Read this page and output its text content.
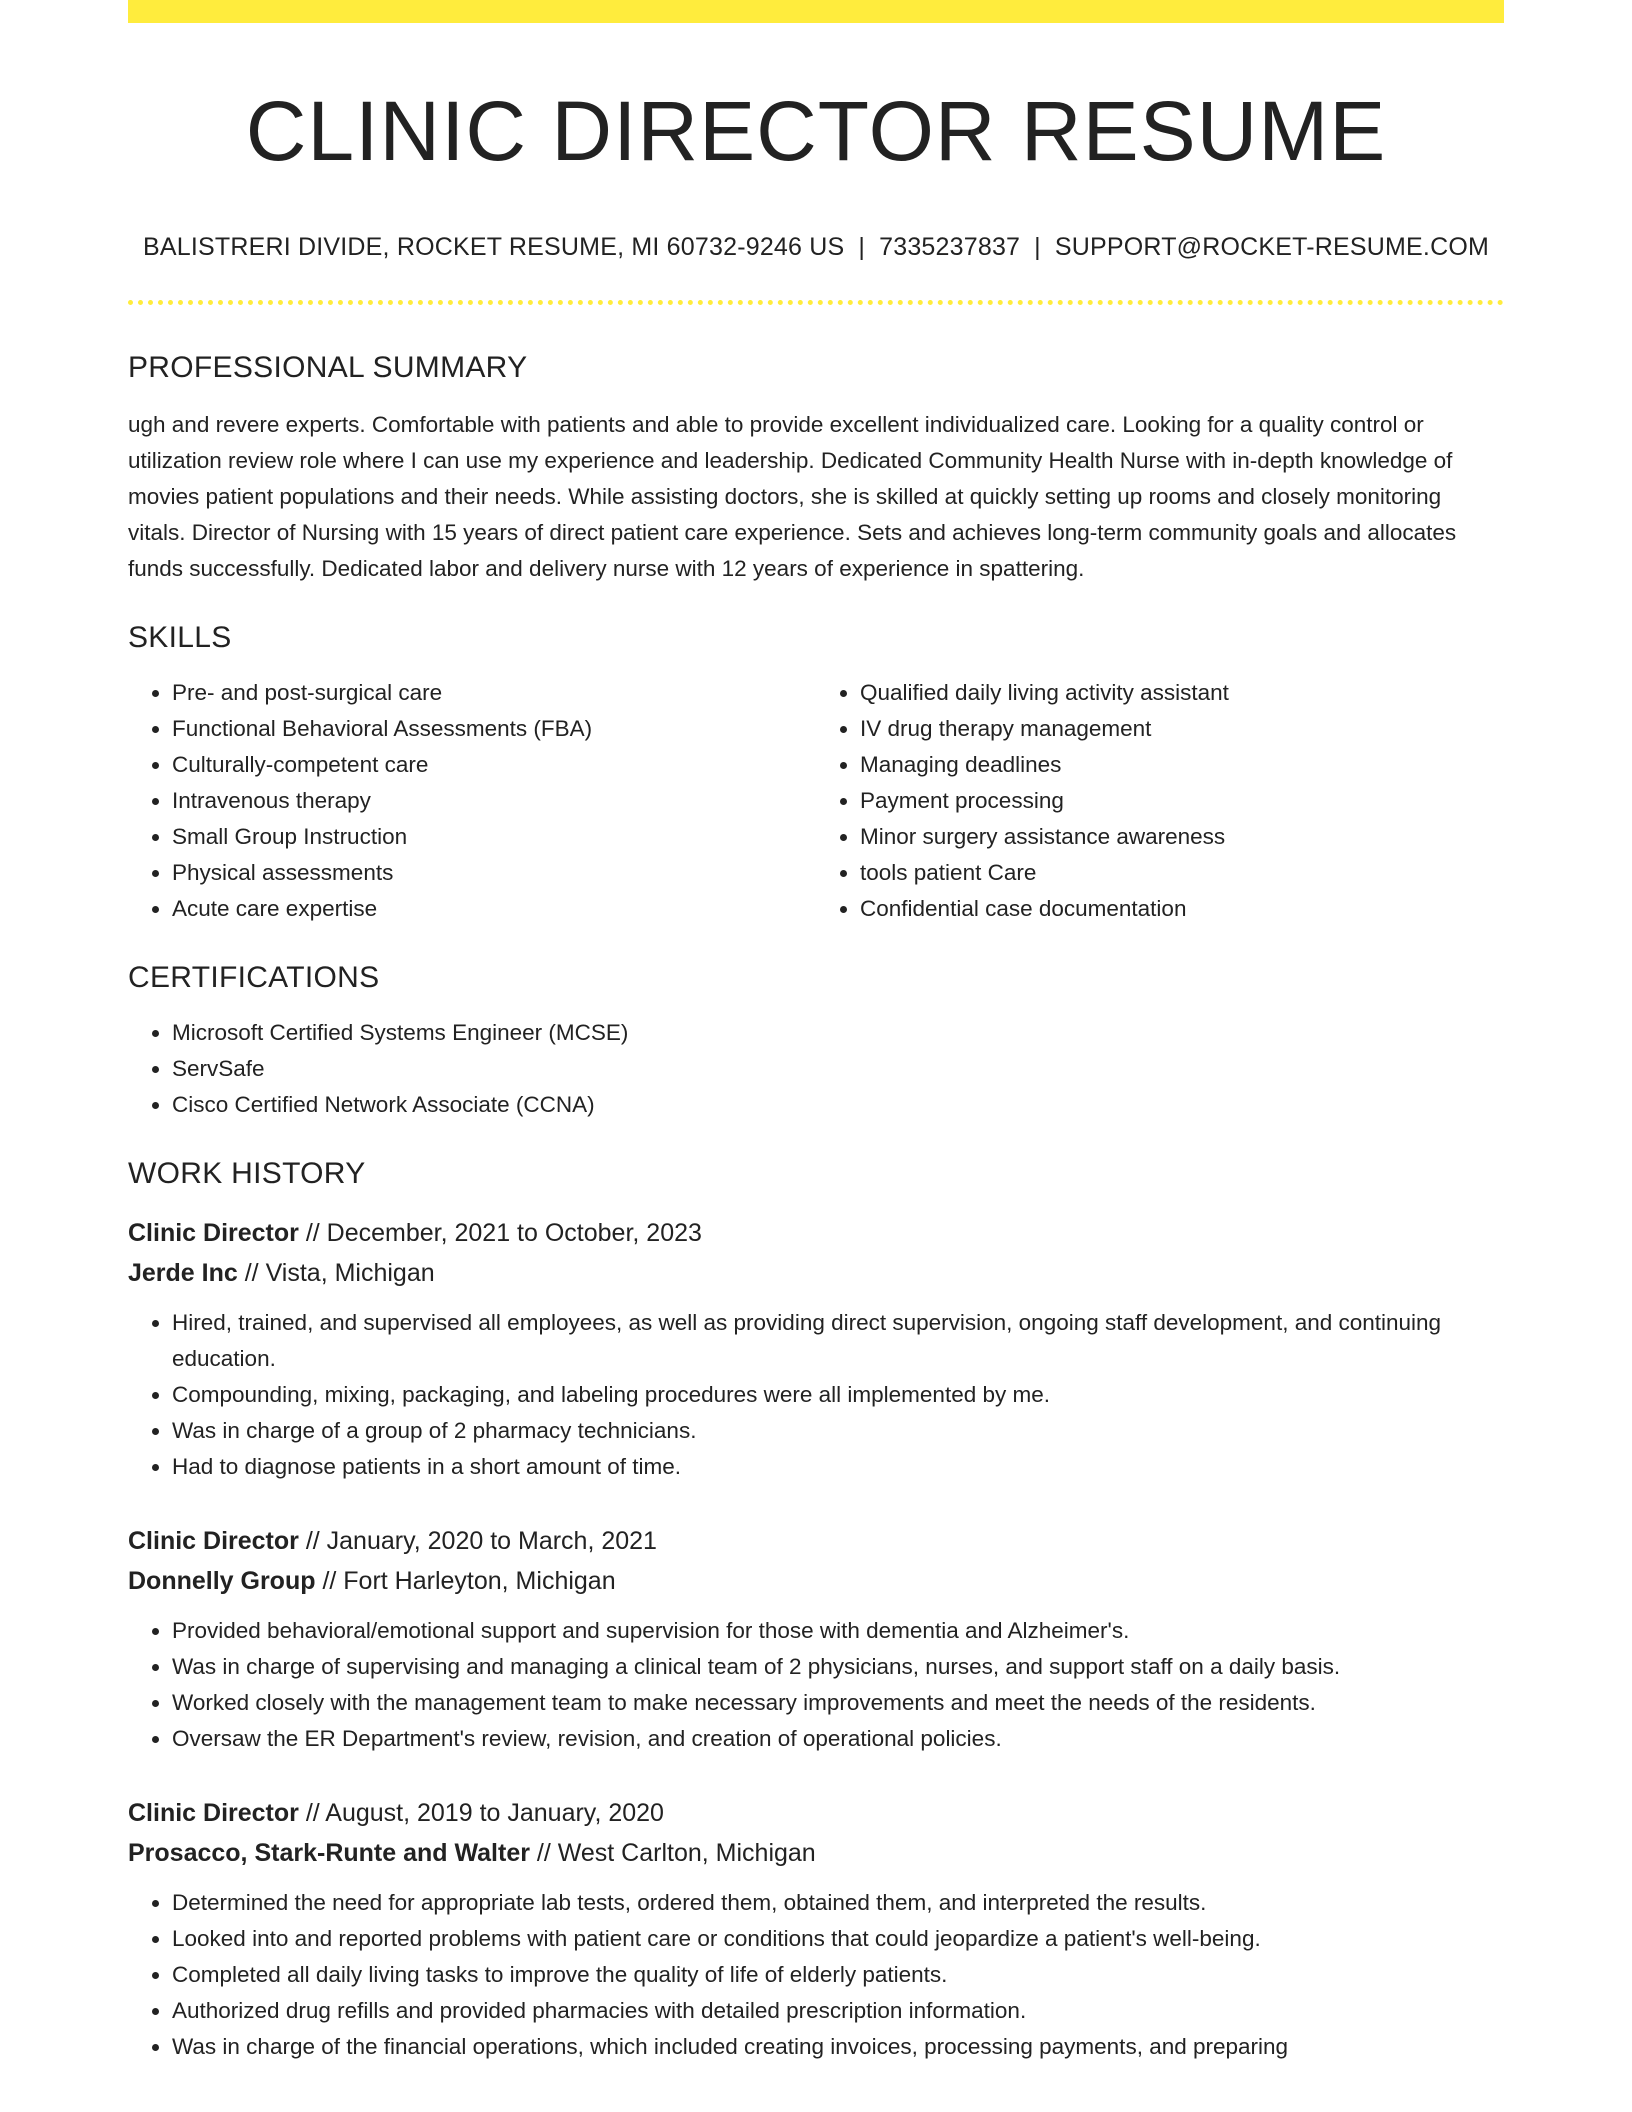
CLINIC DIRECTOR RESUME
BALISTRERI DIVIDE, ROCKET RESUME, MI 60732-9246 US | 7335237837 | SUPPORT@ROCKET-RESUME.COM
PROFESSIONAL SUMMARY

ugh and revere experts. Comfortable with patients and able to provide excellent individualized care. Looking for a quality control or utilization review role where I can use my experience and leadership. Dedicated Community Health Nurse with in-depth knowledge of movies patient populations and their needs. While assisting doctors, she is skilled at quickly setting up rooms and closely monitoring vitals. Director of Nursing with 15 years of direct patient care experience. Sets and achieves long-term community goals and allocates funds successfully. Dedicated labor and delivery nurse with 12 years of experience in spattering.

SKILLS
• Pre- and post-surgical care
• Functional Behavioral Assessments (FBA)
• Culturally-competent care
• Intravenous therapy
• Small Group Instruction
• Physical assessments
• Acute care expertise
• Qualified daily living activity assistant
• IV drug therapy management
• Managing deadlines
• Payment processing
• Minor surgery assistance awareness
• tools patient Care
• Confidential case documentation
CERTIFICATIONS
• Microsoft Certified Systems Engineer (MCSE)
• ServSafe
• Cisco Certified Network Associate (CCNA)
WORK HISTORY
Clinic Director // December, 2021 to October, 2023
Jerde Inc // Vista, Michigan
• Hired, trained, and supervised all employees, as well as providing direct supervision, ongoing staff development, and continuing education.
• Compounding, mixing, packaging, and labeling procedures were all implemented by me.
• Was in charge of a group of 2 pharmacy technicians.
• Had to diagnose patients in a short amount of time.
Clinic Director // January, 2020 to March, 2021
Donnelly Group // Fort Harleyton, Michigan
• Provided behavioral/emotional support and supervision for those with dementia and Alzheimer's.
• Was in charge of supervising and managing a clinical team of 2 physicians, nurses, and support staff on a daily basis.
• Worked closely with the management team to make necessary improvements and meet the needs of the residents.
• Oversaw the ER Department's review, revision, and creation of operational policies.
Clinic Director // August, 2019 to January, 2020
Prosacco, Stark-Runte and Walter // West Carlton, Michigan
• Determined the need for appropriate lab tests, ordered them, obtained them, and interpreted the results.
• Looked into and reported problems with patient care or conditions that could jeopardize a patient's well-being.
• Completed all daily living tasks to improve the quality of life of elderly patients.
• Authorized drug refills and provided pharmacies with detailed prescription information.
• Was in charge of the financial operations, which included creating invoices, processing payments, and preparing
